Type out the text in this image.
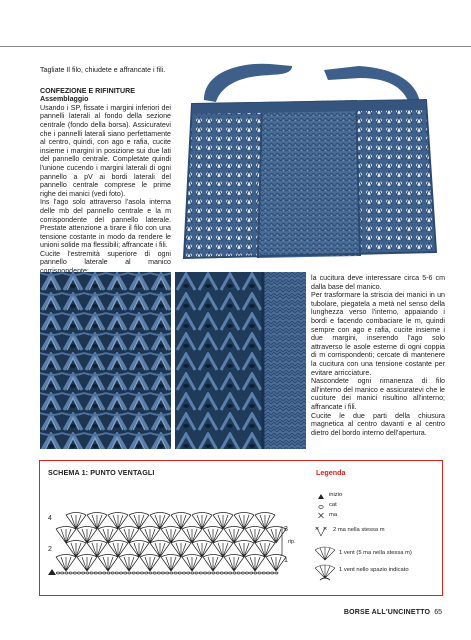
Tagliate Il filo, chiudete e affrancate i fili.

CONFEZIONE E RIFINITURE
Assemblaggio

Usando i SP, fissate i margini inferiori dei pannelli laterali al fondo della sezione centrale (fondo della borsa). Assicuratevi che i pannelli laterali siano perfettamente al centro, quindi, con ago e rafia, cucite insieme i margini in posizione sui due lati del pannello centrale. Completate quindi l'unione cucendo i margini laterali di ogni pannello a pV ai bordi laterali del pannello centrale comprese le prime righe dei manici (vedi foto).

Ins l'ago solo attraverso l'asola interna delle mb del pannello centrale e la m corrispondente del pannello laterale. Prestate attenzione a tirare il filo con una tensione costante in modo da rendere le unioni solide ma flessibili; affrancate i fili.

Cucite l'estremità superiore di ogni pannello laterale al manico

la cucitura deve interessare circa 5-6 cm dalla base del manico.

Per trasformare la striscia dei manici in un tubolare, piegatela a metà nel senso della lunghezza verso l'interno, appaiando i bordi e facendo combaciare le m, quindi sempre con ago e rafia, cucite insieme i due margini, inserendo l'ago solo attraverso le asole esterne di ogni coppia di m corrispondenti; cercate di mantenere la cucitura con una tensione costante per evitare arricciature.

Nascondete ogni rimanenza di filo all'interno del manico e assicuratevi che le cuciture dei manici risultino all'interno; affrancate i fili.

Cucite le due parti della chiusura magnetica al centro davanti e al centro dietro del bordo interno dell'apertura.

SCHEMA 1: PUNTO VENTAGLI	Legenda
4
3
2
1
rip.
inizio
cat
ma
2 ma nella stessa m
1 vent (5 ma nella stessa m)
1 vent nello spazio indicato
BORSE ALL'UNCINETTO 65
